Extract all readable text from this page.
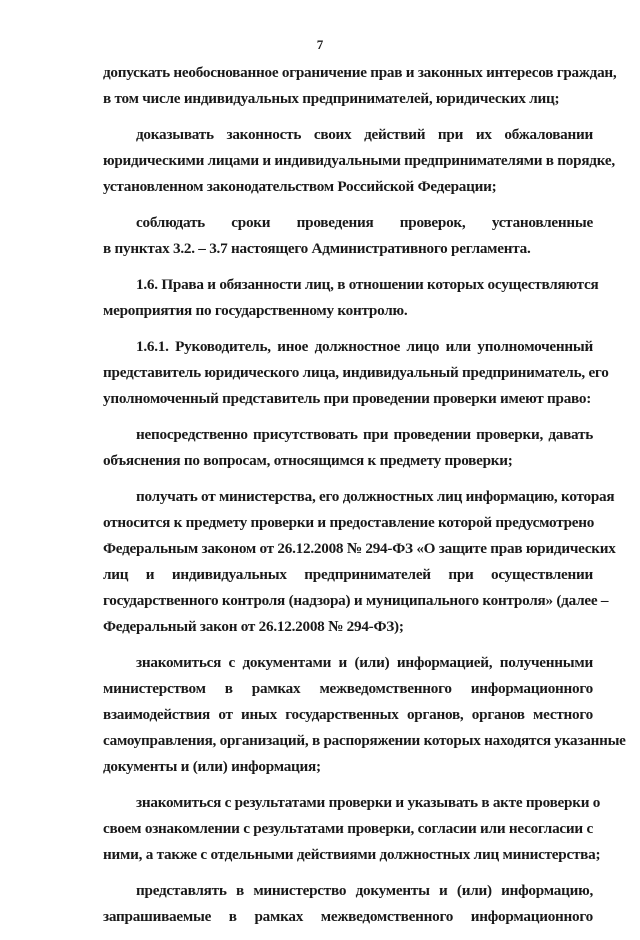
7
допускать необоснованное ограничение прав и законных интересов граждан,
в том числе индивидуальных предпринимателей, юридических лиц;
доказывать законность своих действий при их обжаловании
юридическими лицами и индивидуальными предпринимателями в порядке,
установленном законодательством Российской Федерации;
соблюдать сроки проведения проверок, установленные
в пунктах 3.2. – 3.7 настоящего Административного регламента.
1.6. Права и обязанности лиц, в отношении которых осуществляются
мероприятия по государственному контролю.
1.6.1. Руководитель, иное должностное лицо или уполномоченный
представитель юридического лица, индивидуальный предприниматель, его
уполномоченный представитель при проведении проверки имеют право:
непосредственно присутствовать при проведении проверки, давать
объяснения по вопросам, относящимся к предмету проверки;
получать от министерства, его должностных лиц информацию, которая
относится к предмету проверки и предоставление которой предусмотрено
Федеральным законом от 26.12.2008 № 294-ФЗ «О защите прав юридических
лиц и индивидуальных предпринимателей при осуществлении
государственного контроля (надзора) и муниципального контроля» (далее –
Федеральный закон от 26.12.2008 № 294-ФЗ);
знакомиться с документами и (или) информацией, полученными
министерством в рамках межведомственного информационного
взаимодействия от иных государственных органов, органов местного
самоуправления, организаций, в распоряжении которых находятся указанные
документы и (или) информация;
знакомиться с результатами проверки и указывать в акте проверки о
своем ознакомлении с результатами проверки, согласии или несогласии с
ними, а также с отдельными действиями должностных лиц министерства;
представлять в министерство документы и (или) информацию,
запрашиваемые в рамках межведомственного информационного
